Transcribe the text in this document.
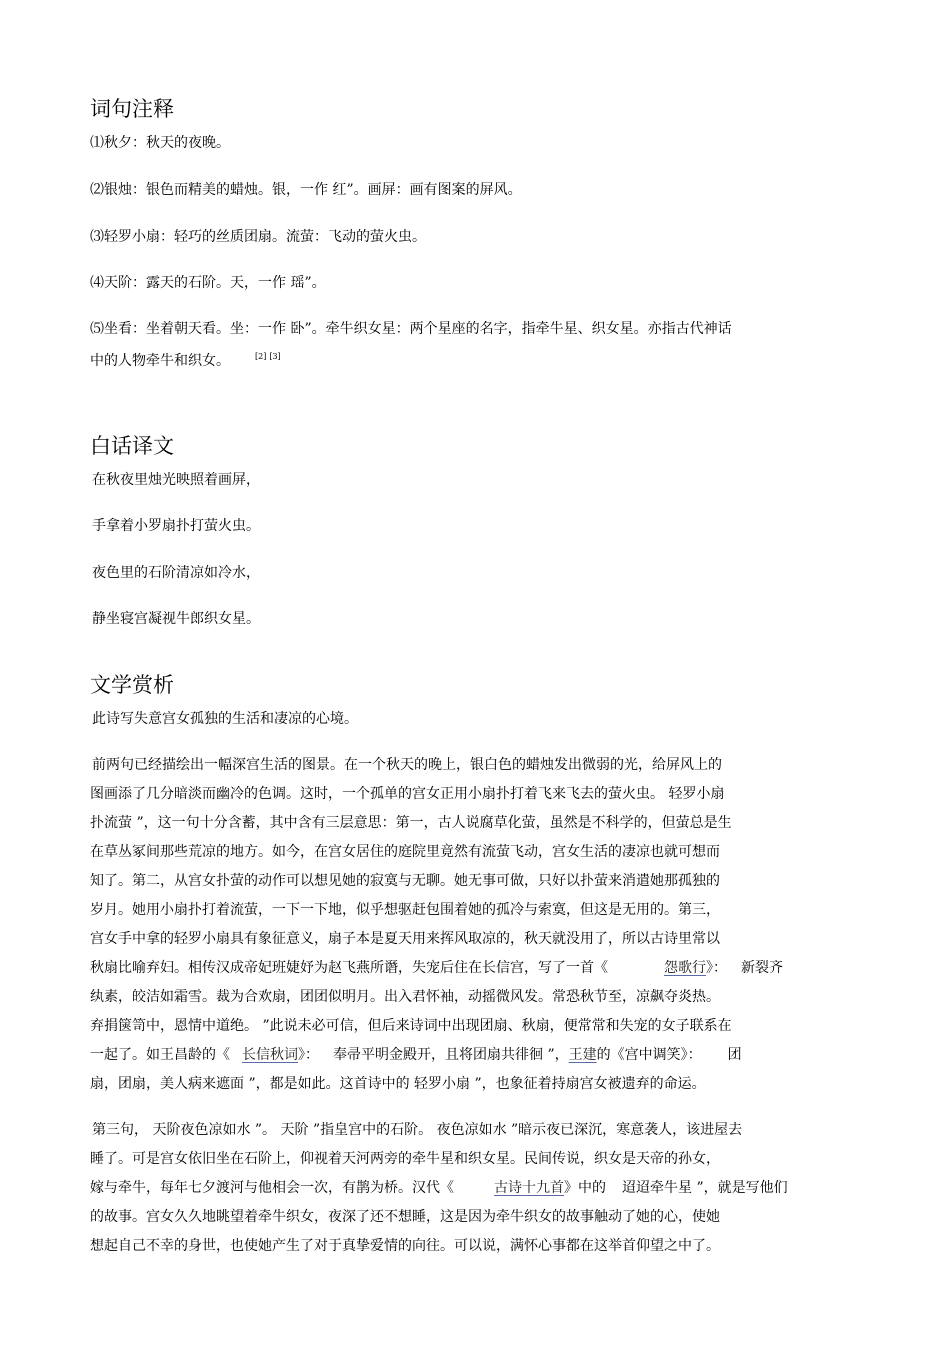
词句注释
⑴秋夕：秋天的夜晚。
⑵银烛：银色而精美的蜡烛。银，一作 红”。画屏：画有图案的屏风。
⑶轻罗小扇：轻巧的丝质团扇。流萤：飞动的萤火虫。
⑷天阶：露天的石阶。天，一作 瑶”。
⑸坐看：坐着朝天看。坐：一作 卧”。牵牛织女星：两个星座的名字，指牵牛星、织女星。亦指古代神话
中的人物牵牛和织女。	[2] [3]
白话译文
在秋夜里烛光映照着画屏，
手拿着小罗扇扑打萤火虫。
夜色里的石阶清凉如冷水，
静坐寝宫凝视牛郎织女星。
文学赏析
此诗写失意宫女孤独的生活和凄凉的心境。
前两句已经描绘出一幅深宫生活的图景。在一个秋天的晚上，银白色的蜡烛发出微弱的光，给屏风上的
图画添了几分暗淡而幽冷的色调。这时，一个孤单的宫女正用小扇扑打着飞来飞去的萤火虫。 轻罗小扇
扑流萤 ”，这一句十分含蓄，其中含有三层意思：第一，古人说腐草化萤，虽然是不科学的，但萤总是生
在草丛冢间那些荒凉的地方。如今，在宫女居住的庭院里竟然有流萤飞动，宫女生活的凄凉也就可想而
知了。第二，从宫女扑萤的动作可以想见她的寂寞与无聊。她无事可做，只好以扑萤来消遣她那孤独的
岁月。她用小扇扑打着流萤，一下一下地，似乎想驱赶包围着她的孤冷与索寞，但这是无用的。第三，
宫女手中拿的轻罗小扇具有象征意义，扇子本是夏天用来挥风取凉的，秋天就没用了，所以古诗里常以
秋扇比喻弃妇。相传汉成帝妃班婕妤为赵飞燕所谮，失宠后住在长信宫，写了一首《	怨歌行》： 新裂齐
纨素，皎洁如霜雪。裁为合欢扇，团团似明月。出入君怀袖，动摇微风发。常恐秋节至，凉飙夺炎热。
弃捐箧笥中，恩情中道绝。 ”此说未必可信，但后来诗词中出现团扇、秋扇，便常常和失宠的女子联系在
一起了。如王昌龄的《 长信秋词》： 奉帚平明金殿开，且将团扇共徘徊 ”，王建的《宫中调笑》： 团
扇，团扇，美人病来遮面 ”，都是如此。这首诗中的 轻罗小扇 ”，也象征着持扇宫女被遗弃的命运。
第三句， 天阶夜色凉如水 ”。 天阶 ”指皇宫中的石阶。 夜色凉如水 ”暗示夜已深沉，寒意袭人，该进屋去
睡了。可是宫女依旧坐在石阶上，仰视着天河两旁的牵牛星和织女星。民间传说，织女是天帝的孙女，
嫁与牵牛，每年七夕渡河与他相会一次，有鹊为桥。汉代《	古诗十九首》中的 迢迢牵牛星 ”，就是写他们
的故事。宫女久久地眺望着牵牛织女，夜深了还不想睡，这是因为牵牛织女的故事触动了她的心，使她
想起自己不幸的身世，也使她产生了对于真挚爱情的向往。可以说，满怀心事都在这举首仰望之中了。
